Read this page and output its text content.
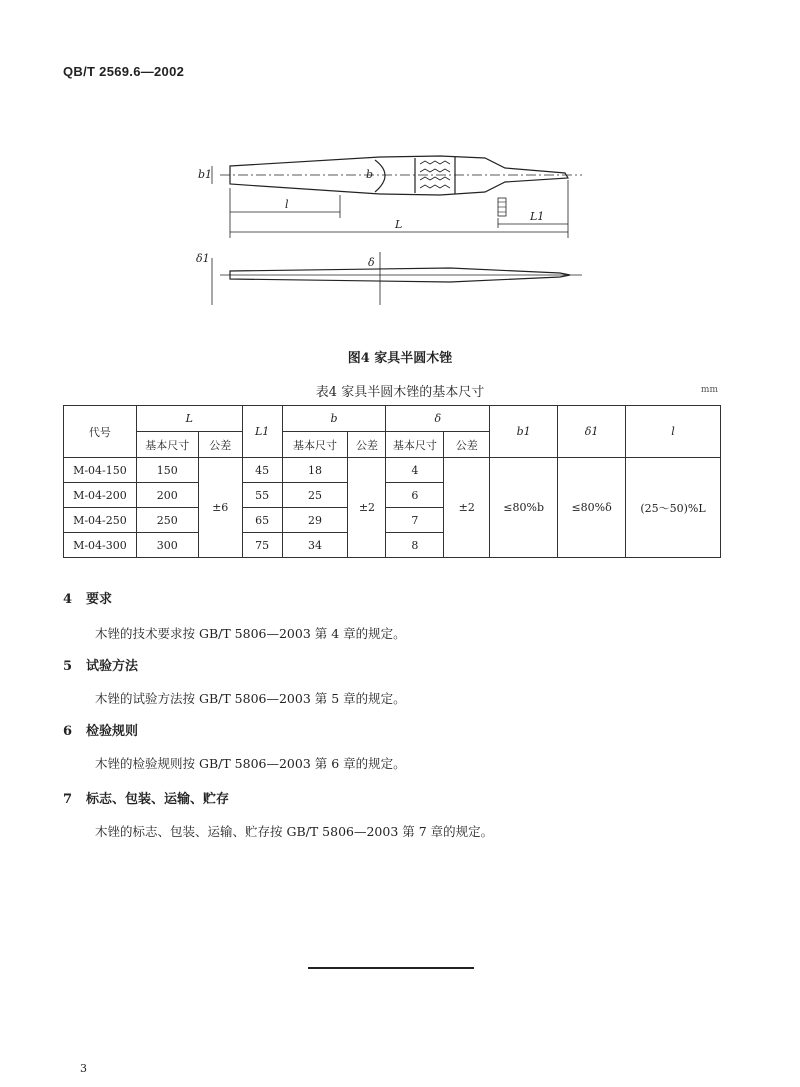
QB/T 2569.6—2002
b1	b
l
L
L1
δ1	δ
图4 家具半圆木锉
表4 家具半圆木锉的基本尺寸	mm
代号	L		L1	b		δ		b1	δ1	l
	基本尺寸	公差		基本尺寸	公差	基本尺寸	公差			
M-04-150	150	±6	45	18	±2	4	±2	≤80%b	≤80%δ	(25～50)%L
M-04-200	200		55	25		6				
M-04-250	250		65	29		7				
M-04-300	300		75	34		8				
4 要求
木锉的技术要求按 GB/T 5806—2003 第 4 章的规定。
5 试验方法
木锉的试验方法按 GB/T 5806—2003 第 5 章的规定。
6 检验规则
木锉的检验规则按 GB/T 5806—2003 第 6 章的规定。
7 标志、包装、运输、贮存
木锉的标志、包装、运输、贮存按 GB/T 5806—2003 第 7 章的规定。
3
